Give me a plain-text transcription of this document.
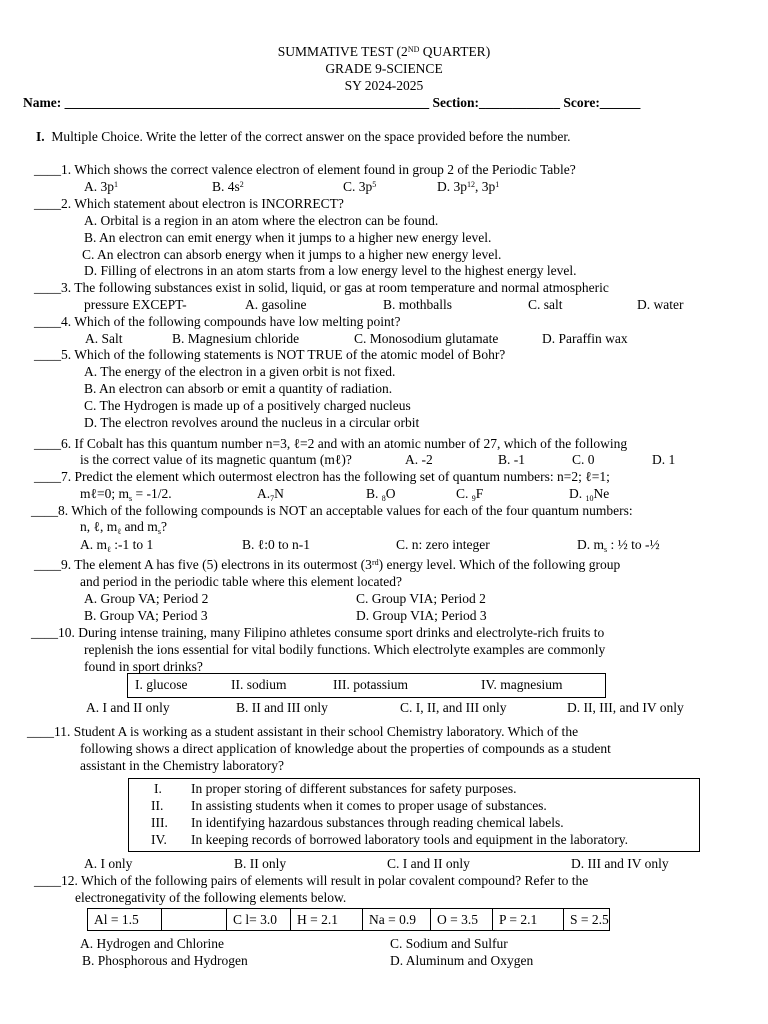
SUMMATIVE TEST (2ND QUARTER)
GRADE 9-SCIENCE
SY 2024-2025
Name: ______________________________________________________ Section:____________ Score:______
I. Multiple Choice. Write the letter of the correct answer on the space provided before the number.
____1. Which shows the correct valence electron of element found in group 2 of the Periodic Table?
A. $3p^1$	B. $4s^2$	C. $3p^5$	D. $3p^{12}$, $3p^1$
____2. Which statement about electron is INCORRECT?
A. Orbital is a region in an atom where the electron can be found.
B. An electron can emit energy when it jumps to a higher new energy level.
C. An electron can absorb energy when it jumps to a higher new energy level.
D. Filling of electrons in an atom starts from a low energy level to the highest energy level.
____3. The following substances exist in solid, liquid, or gas at room temperature and normal atmospheric
pressure EXCEPT-	A. gasoline	B. mothballs	C. salt	D. water
____4. Which of the following compounds have low melting point?
A. Salt	B. Magnesium chloride	C. Monosodium glutamate	D. Paraffin wax
____5. Which of the following statements is NOT TRUE of the atomic model of Bohr?
A. The energy of the electron in a given orbit is not fixed.
B. An electron can absorb or emit a quantity of radiation.
C. The Hydrogen is made up of a positively charged nucleus
D. The electron revolves around the nucleus in a circular orbit
____6. If Cobalt has this quantum number n=3, ℓ=2 and with an atomic number of 27, which of the following
is the correct value of its magnetic quantum (mℓ)?	A. -2	B. -1	C. 0	D. 1
____7. Predict the element which outermost electron has the following set of quantum numbers: n=2; ℓ=1;
mℓ=0; $m_s = -1/2$.	$A._7N$	B. $_8$O	C. $_9$F	D. $_{10}$Ne
____8. Which of the following compounds is NOT an acceptable values for each of the four quantum numbers:
n, ℓ, $m_\ell$ and $m_s$?
A. $m_\ell$ :-1 to 1	B. ℓ:0 to n-1	C. n: zero integer	D. $m_s$ : ½ to -½
____9. The element A has five (5) electrons in its outermost (3rd) energy level. Which of the following group
and period in the periodic table where this element located?
A. Group VA; Period 2
B. Group VA; Period 3
C. Group VIA; Period 2
D. Group VIA; Period 3
____10. During intense training, many Filipino athletes consume sport drinks and electrolyte-rich fruits to
replenish the ions essential for vital bodily functions. Which electrolyte examples are commonly
found in sport drinks?
I. glucose	II. sodium	III. potassium	IV. magnesium
A. I and II only	B. II and III only	C. I, II, and III only	D. II, III, and IV only
____11. Student A is working as a student assistant in their school Chemistry laboratory. Which of the
following shows a direct application of knowledge about the properties of compounds as a student
assistant in the Chemistry laboratory?
I. In proper storing of different substances for safety purposes.
II. In assisting students when it comes to proper usage of substances.
III. In identifying hazardous substances through reading chemical labels.
IV. In keeping records of borrowed laboratory tools and equipment in the laboratory.
A. I only	B. II only	C. I and II only	D. III and IV only
____12. Which of the following pairs of elements will result in polar covalent compound? Refer to the
electronegativity of the following elements below.
Al = 1.5		C l= 3.0	H = 2.1	Na = 0.9	O = 3.5	P = 2.1	S = 2.5
A. Hydrogen and Chlorine
B. Phosphorous and Hydrogen
C. Sodium and Sulfur
D. Aluminum and Oxygen
